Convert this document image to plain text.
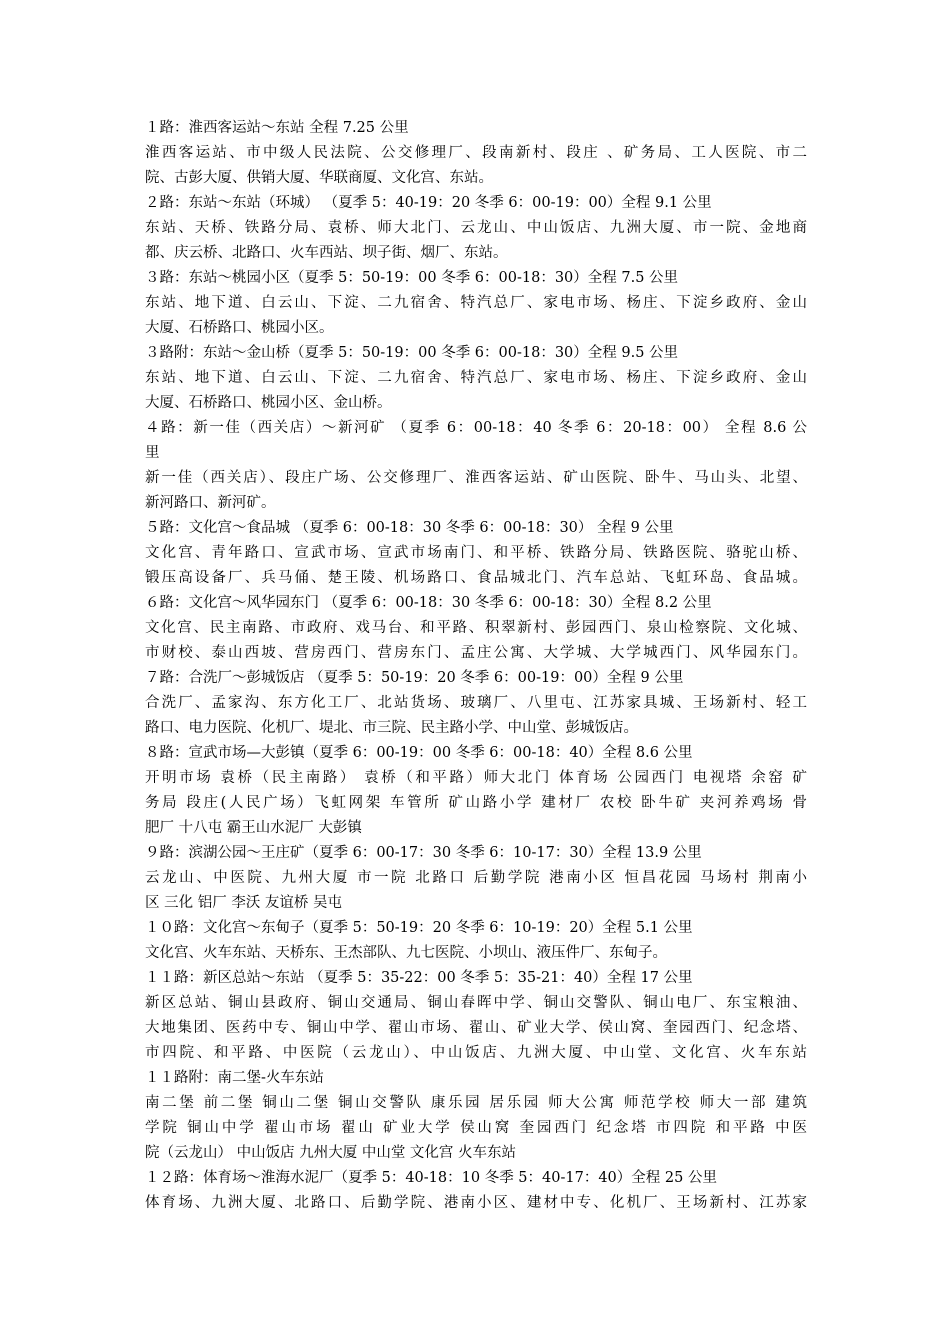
１路：淮西客运站～东站 全程 7.25 公里
淮西客运站、市中级人民法院、公交修理厂、段南新村、段庄 、矿务局、工人医院、市二
院、古彭大厦、供销大厦、华联商厦、文化宫、东站。
２路：东站～东站（环城） （夏季 5：40-19：20 冬季 6：00-19：00）全程 9.1 公里
东站、天桥、铁路分局、袁桥、师大北门、云龙山、中山饭店、九洲大厦、市一院、金地商
都、庆云桥、北路口、火车西站、坝子街、烟厂、东站。
３路：东站～桃园小区（夏季 5：50-19：00 冬季 6：00-18：30）全程 7.5 公里
东站、地下道、白云山、下淀、二九宿舍、特汽总厂、家电市场、杨庄、下淀乡政府、金山
大厦、石桥路口、桃园小区。
３路附：东站～金山桥（夏季 5：50-19：00 冬季 6：00-18：30）全程 9.5 公里
东站、地下道、白云山、下淀、二九宿舍、特汽总厂、家电市场、杨庄、下淀乡政府、金山
大厦、石桥路口、桃园小区、金山桥。
４路：新一佳（西关店）～新河矿 （夏季 6：00-18：40 冬季 6：20-18：00） 全程 8.6 公
里
新一佳（西关店）、段庄广场、公交修理厂、淮西客运站、矿山医院、卧牛、马山头、北望、
新河路口、新河矿。
５路：文化宫～食品城 （夏季 6：00-18：30 冬季 6：00-18：30） 全程 9 公里
文化宫、青年路口、宣武市场、宣武市场南门、和平桥、铁路分局、铁路医院、骆驼山桥、
锻压高设备厂、兵马俑、楚王陵、机场路口、食品城北门、汽车总站、飞虹环岛、食品城。
６路：文化宫～风华园东门 （夏季 6：00-18：30 冬季 6：00-18：30）全程 8.2 公里
文化宫、民主南路、市政府、戏马台、和平路、积翠新村、彭园西门、泉山检察院、文化城、
市财校、泰山西坡、营房西门、营房东门、孟庄公寓、大学城、大学城西门、风华园东门。
７路：合洗厂～彭城饭店 （夏季 5：50-19：20 冬季 6：00-19：00）全程 9 公里
合洗厂、孟家沟、东方化工厂、北站货场、玻璃厂、八里屯、江苏家具城、王场新村、轻工
路口、电力医院、化机厂、堤北、市三院、民主路小学、中山堂、彭城饭店。
８路：宣武市场—大彭镇（夏季 6：00-19：00 冬季 6：00-18：40）全程 8.6 公里
开明市场 袁桥（民主南路） 袁桥（和平路）师大北门 体育场 公园西门 电视塔 余窑 矿
务局 段庄(人民广场）飞虹网架 车管所 矿山路小学 建材厂 农校 卧牛矿 夹河养鸡场 骨
肥厂 十八屯 霸王山水泥厂 大彭镇
９路：滨湖公园～王庄矿（夏季 6：00-17：30 冬季 6：10-17：30）全程 13.9 公里
云龙山、中医院、九州大厦 市一院 北路口 后勤学院 港南小区 恒昌花园 马场村 荆南小
区 三化 铝厂 李沃 友谊桥 吴屯
１０路：文化宫～东甸子（夏季 5：50-19：20 冬季 6：10-19：20）全程 5.1 公里
文化宫、火车东站、天桥东、王杰部队、九七医院、小坝山、液压件厂、东甸子。
１１路：新区总站～东站 （夏季 5：35-22：00 冬季 5：35-21：40）全程 17 公里
新区总站、铜山县政府、铜山交通局、铜山春晖中学、铜山交警队、铜山电厂、东宝粮油、
大地集团、医药中专、铜山中学、翟山市场、翟山、矿业大学、侯山窝、奎园西门、纪念塔、
市四院、和平路、中医院（云龙山）、中山饭店、九洲大厦、中山堂、文化宫、火车东站
１１路附：南二堡-火车东站
南二堡 前二堡 铜山二堡 铜山交警队 康乐园 居乐园 师大公寓 师范学校 师大一部 建筑
学院 铜山中学 翟山市场 翟山 矿业大学 侯山窝 奎园西门 纪念塔 市四院 和平路 中医
院（云龙山） 中山饭店 九州大厦 中山堂 文化宫 火车东站
１２路：体育场～淮海水泥厂（夏季 5：40-18：10 冬季 5：40-17：40）全程 25 公里
体育场、九洲大厦、北路口、后勤学院、港南小区、建材中专、化机厂、王场新村、江苏家
